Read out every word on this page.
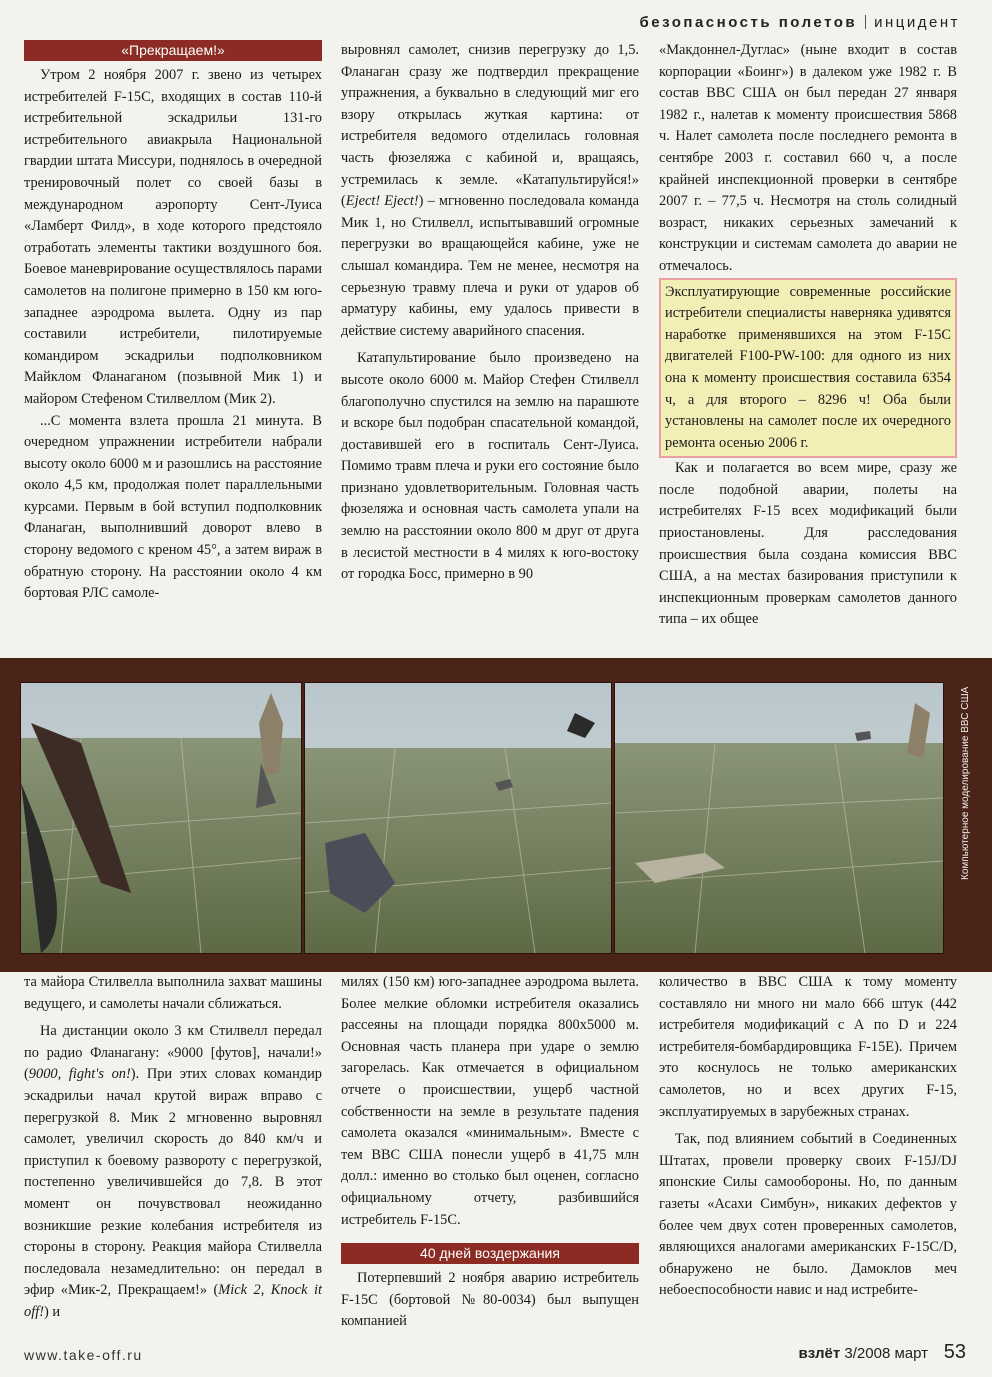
безопасность полетов инцидент
«Прекращаем!»

Утром 2 ноября 2007 г. звено из четырех истребителей F-15C, входящих в состав 110-й истребительной эскадрильи 131-го истребительного авиакрыла Национальной гвардии штата Миссури, поднялось в очередной тренировочный полет со своей базы в международном аэропорту Сент-Луиса «Ламберт Филд», в ходе которого предстояло отработать элементы тактики воздушного боя. Боевое маневрирование осуществлялось парами самолетов на полигоне примерно в 150 км юго-западнее аэродрома вылета. Одну из пар составили истребители, пилотируемые командиром эскадрильи подполковником Майклом Фланаганом (позывной Мик 1) и майором Стефеном Стилвеллом (Мик 2).

...С момента взлета прошла 21 минута. В очередном упражнении истребители набрали высоту около 6000 м и разошлись на расстояние около 4,5 км, продолжая полет параллельными курсами. Первым в бой вступил подполковник Фланаган, выполнивший доворот влево в сторону ведомого с креном 45°, а затем вираж в обратную сторону. На расстоянии около 4 км бортовая РЛС самоле-

выровнял самолет, снизив перегрузку до 1,5. Фланаган сразу же подтвердил прекращение упражнения, а буквально в следующий миг его взору открылась жуткая картина: от истребителя ведомого отделилась головная часть фюзеляжа с кабиной и, вращаясь, устремилась к земле. «Катапультируйся!» (Eject! Eject!) – мгновенно последовала команда Мик 1, но Стилвелл, испытывавший огромные перегрузки во вращающейся кабине, уже не слышал командира. Тем не менее, несмотря на серьезную травму плеча и руки от ударов об арматуру кабины, ему удалось привести в действие систему аварийного спасения.

Катапультирование было произведено на высоте около 6000 м. Майор Стефен Стилвелл благополучно спустился на землю на парашюте и вскоре был подобран спасательной командой, доставившей его в госпиталь Сент-Луиса. Помимо травм плеча и руки его состояние было признано удовлетворительным. Головная часть фюзеляжа и основная часть самолета упали на землю на расстоянии около 800 м друг от друга в лесистой местности в 4 милях к юго-востоку от городка Босс, примерно в 90

«Макдоннел-Дуглас» (ныне входит в состав корпорации «Боинг») в далеком уже 1982 г. В состав ВВС США он был передан 27 января 1982 г., налетав к моменту происшествия 5868 ч. Налет самолета после последнего ремонта в сентябре 2003 г. составил 660 ч, а после крайней инспекционной проверки в сентябре 2007 г. – 77,5 ч. Несмотря на столь солидный возраст, никаких серьезных замечаний к конструкции и системам самолета до аварии не отмечалось.

Эксплуатирующие современные российские истребители специалисты наверняка удивятся наработке применявшихся на этом F-15C двигателей F100-PW-100: для одного из них она к моменту происшествия составила 6354 ч, а для второго – 8296 ч! Оба были установлены на самолет после их очередного ремонта осенью 2006 г.

Как и полагается во всем мире, сразу же после подобной аварии, полеты на истребителях F-15 всех модификаций были приостановлены. Для расследования происшествия была создана комиссия ВВС США, а на местах базирования приступили к инспекционным проверкам самолетов данного типа – их общее

Компьютерное моделирование ВВС США

та майора Стилвелла выполнила захват машины ведущего, и самолеты начали сближаться.

На дистанции около 3 км Стилвелл передал по радио Фланагану: «9000 [футов], начали!» (9000, fight's on!). При этих словах командир эскадрильи начал крутой вираж вправо с перегрузкой 8. Мик 2 мгновенно выровнял самолет, увеличил скорость до 840 км/ч и приступил к боевому развороту с перегрузкой, постепенно увеличившейся до 7,8. В этот момент он почувствовал неожиданно возникшие резкие колебания истребителя из стороны в сторону. Реакция майора Стилвелла последовала незамедлительно: он передал в эфир «Мик-2, Прекращаем!» (Mick 2, Knock it off!) и

милях (150 км) юго-западнее аэродрома вылета. Более мелкие обломки истребителя оказались рассеяны на площади порядка 800х5000 м. Основная часть планера при ударе о землю загорелась. Как отмечается в официальном отчете о происшествии, ущерб частной собственности на земле в результате падения самолета оказался «минимальным». Вместе с тем ВВС США понесли ущерб в 41,75 млн долл.: именно во столько был оценен, согласно официальному отчету, разбившийся истребитель F-15C.

40 дней воздержания

Потерпевший 2 ноября аварию истребитель F-15C (бортовой №80-0034) был выпущен компанией

количество в ВВС США к тому моменту составляло ни много ни мало 666 штук (442 истребителя модификаций с А по D и 224 истребителя-бомбардировщика F-15E). Причем это коснулось не только американских самолетов, но и всех других F-15, эксплуатируемых в зарубежных странах.

Так, под влиянием событий в Соединенных Штатах, провели проверку своих F-15J/DJ японские Силы самообороны. Но, по данным газеты «Асахи Симбун», никаких дефектов у более чем двух сотен проверенных самолетов, являющихся аналогами американских F-15C/D, обнаружено не было. Дамоклов меч небоеспособности навис и над истребите-

www.take-off.ru	взлёт 3/2008 март 53
